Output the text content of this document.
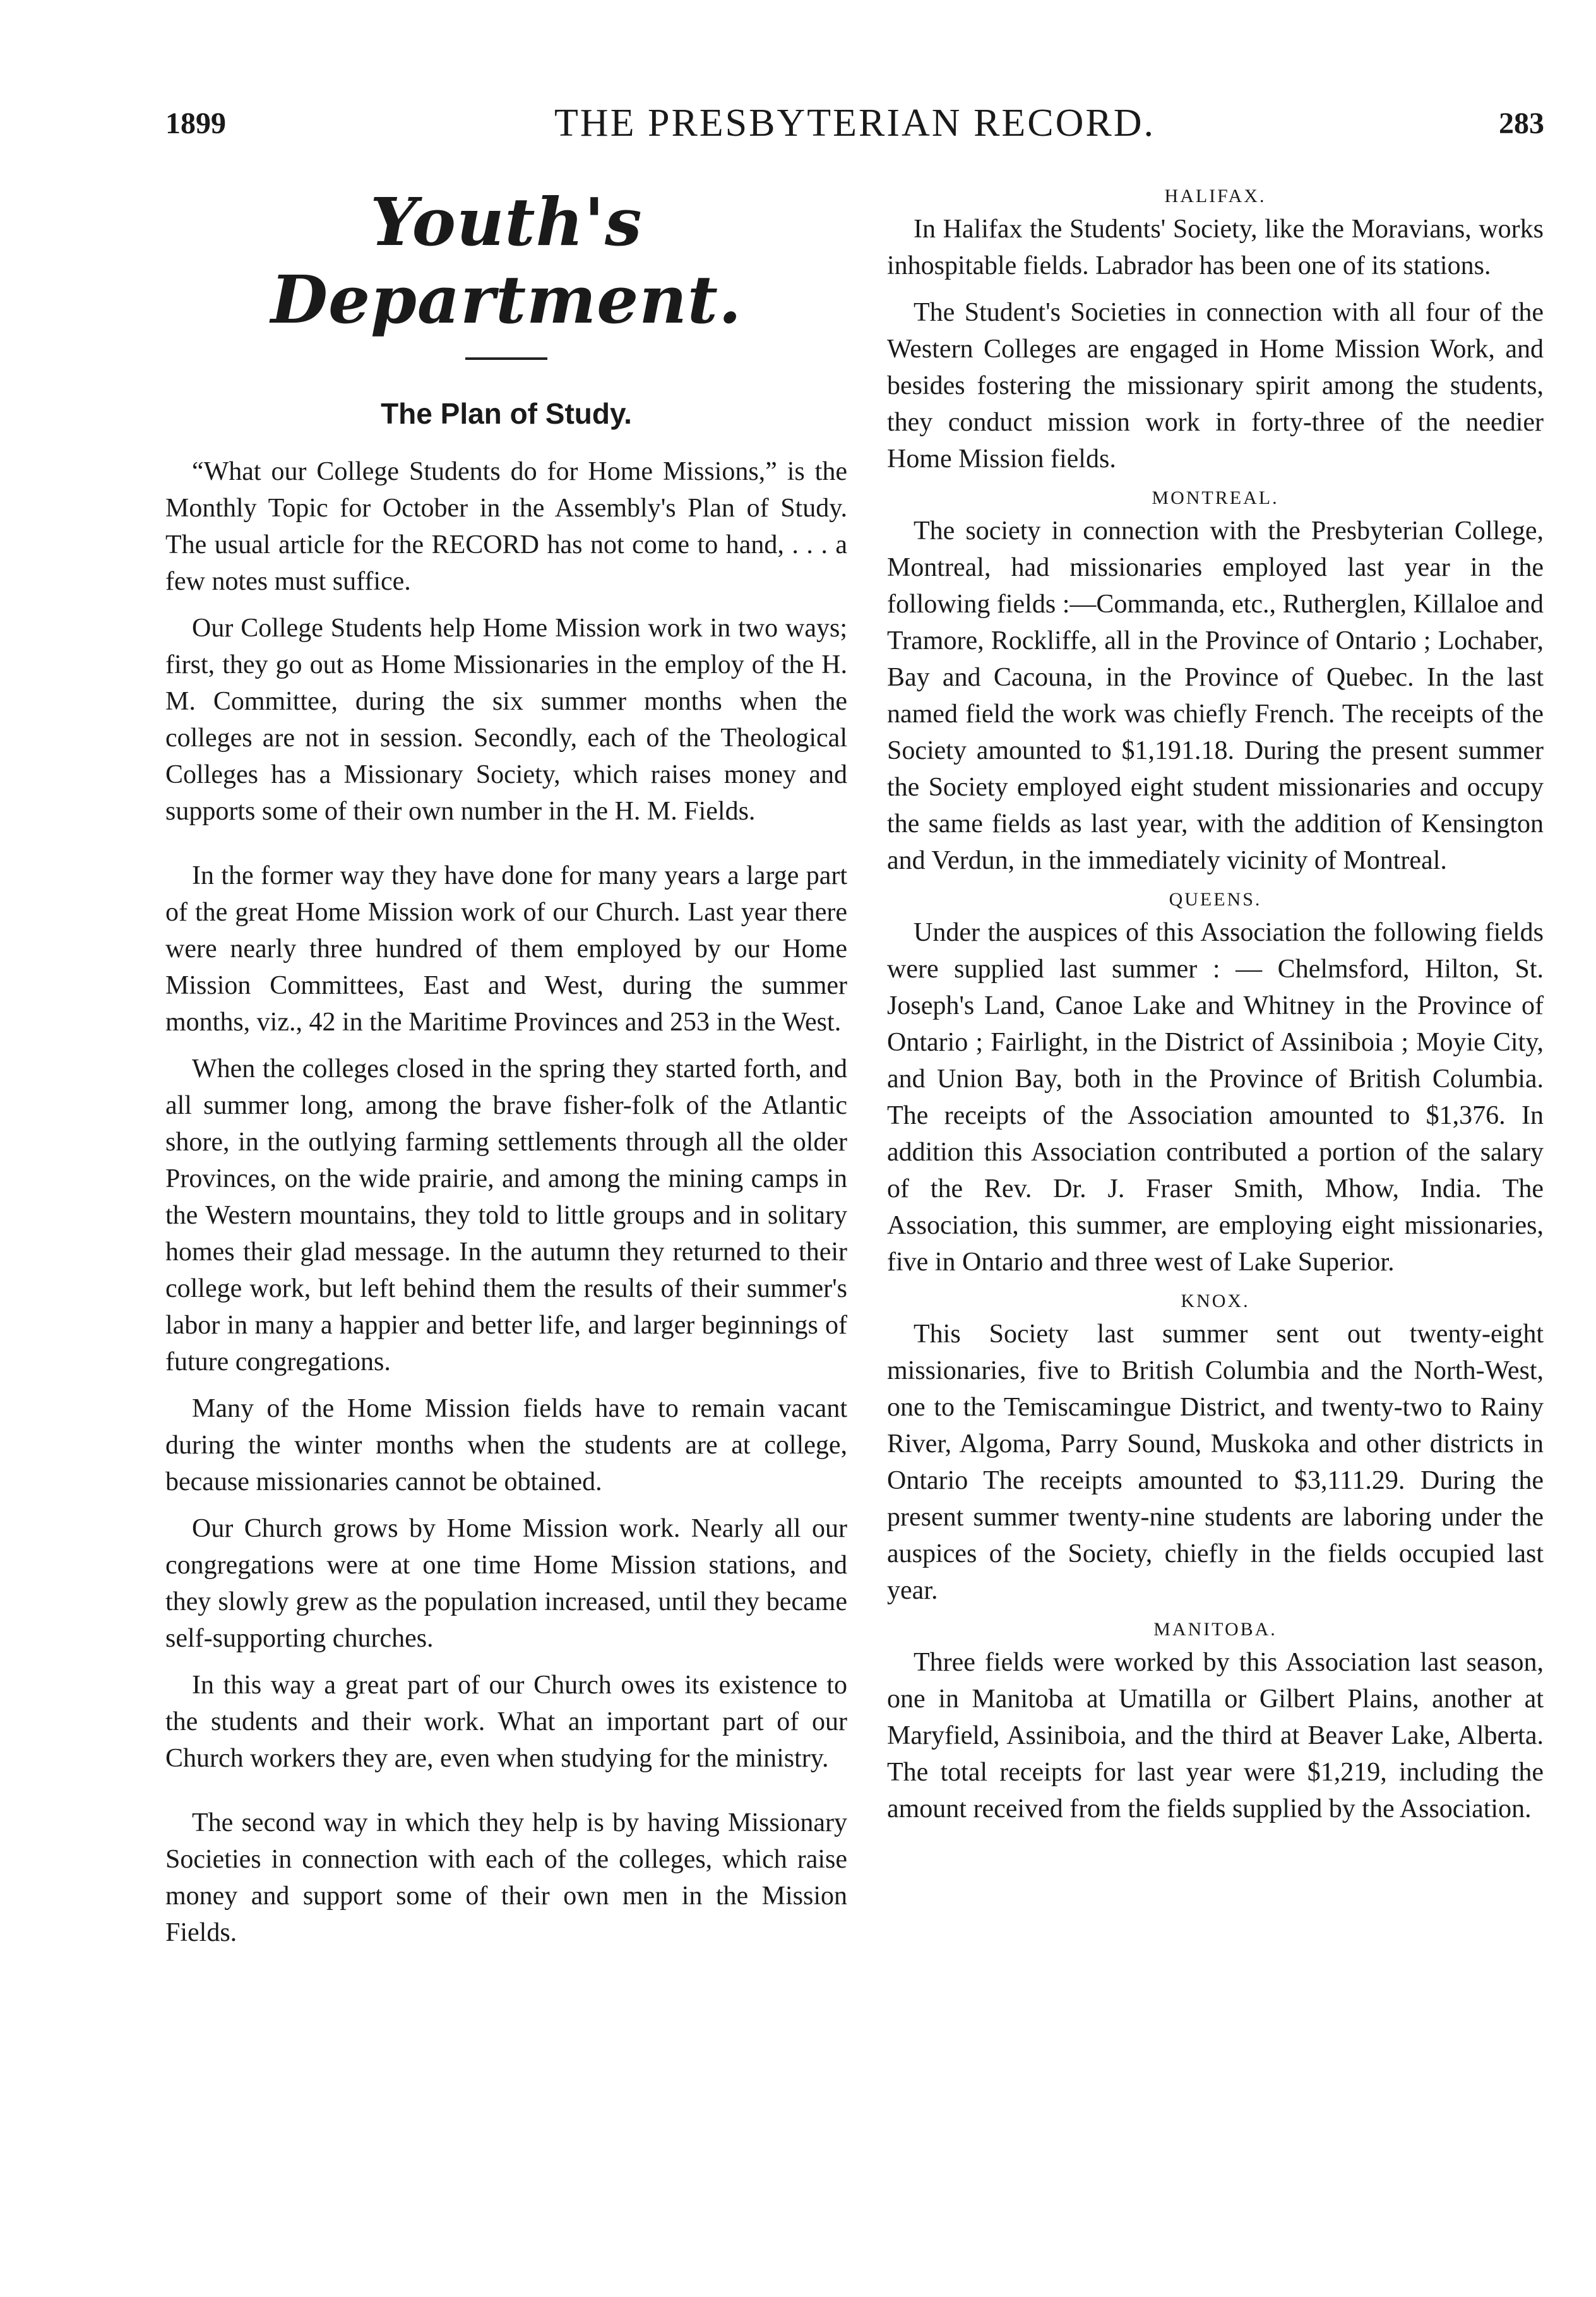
1899	THE PRESBYTERIAN RECORD.	283
Youth's Department.
The Plan of Study.

“What our College Students do for Home Missions,” is the Monthly Topic for October in the Assembly's Plan of Study. The usual article for the RECORD has not come to hand, . . . a few notes must suffice.

Our College Students help Home Mission work in two ways; first, they go out as Home Missionaries in the employ of the H. M. Committee, during the six summer months when the colleges are not in session. Secondly, each of the Theological Colleges has a Missionary Society, which raises money and supports some of their own number in the H. M. Fields.

In the former way they have done for many years a large part of the great Home Mission work of our Church. Last year there were nearly three hundred of them employed by our Home Mission Committees, East and West, during the summer months, viz., 42 in the Maritime Provinces and 253 in the West.

When the colleges closed in the spring they started forth, and all summer long, among the brave fisher-folk of the Atlantic shore, in the outlying farming settlements through all the older Provinces, on the wide prairie, and among the mining camps in the Western mountains, they told to little groups and in solitary homes their glad message. In the autumn they returned to their college work, but left behind them the results of their summer's labor in many a happier and better life, and larger beginnings of future congregations.

Many of the Home Mission fields have to remain vacant during the winter months when the students are at college, because missionaries cannot be obtained.

Our Church grows by Home Mission work. Nearly all our congregations were at one time Home Mission stations, and they slowly grew as the population increased, until they became self-supporting churches.

In this way a great part of our Church owes its existence to the students and their work. What an important part of our Church workers they are, even when studying for the ministry.

The second way in which they help is by having Missionary Societies in connection with each of the colleges, which raise money and support some of their own men in the Mission Fields.

HALIFAX.

In Halifax the Students' Society, like the Moravians, works inhospitable fields. Labrador has been one of its stations.

The Student's Societies in connection with all four of the Western Colleges are engaged in Home Mission Work, and besides fostering the missionary spirit among the students, they conduct mission work in forty-three of the needier Home Mission fields.

MONTREAL.

The society in connection with the Presbyterian College, Montreal, had missionaries employed last year in the following fields :—Commanda, etc., Rutherglen, Killaloe and Tramore, Rockliffe, all in the Province of Ontario ; Lochaber, Bay and Cacouna, in the Province of Quebec. In the last named field the work was chiefly French. The receipts of the Society amounted to $1,191.18. During the present summer the Society employed eight student missionaries and occupy the same fields as last year, with the addition of Kensington and Verdun, in the immediately vicinity of Montreal.

QUEENS.

Under the auspices of this Association the following fields were supplied last summer : — Chelmsford, Hilton, St. Joseph's Land, Canoe Lake and Whitney in the Province of Ontario ; Fairlight, in the District of Assiniboia ; Moyie City, and Union Bay, both in the Province of British Columbia. The receipts of the Association amounted to $1,376. In addition this Association contributed a portion of the salary of the Rev. Dr. J. Fraser Smith, Mhow, India. The Association, this summer, are employing eight missionaries, five in Ontario and three west of Lake Superior.

KNOX.

This Society last summer sent out twenty-eight missionaries, five to British Columbia and the North-West, one to the Temiscamingue District, and twenty-two to Rainy River, Algoma, Parry Sound, Muskoka and other districts in Ontario The receipts amounted to $3,111.29. During the present summer twenty-nine students are laboring under the auspices of the Society, chiefly in the fields occupied last year.

MANITOBA.

Three fields were worked by this Association last season, one in Manitoba at Umatilla or Gilbert Plains, another at Maryfield, Assiniboia, and the third at Beaver Lake, Alberta. The total receipts for last year were $1,219, including the amount received from the fields supplied by the Association.
